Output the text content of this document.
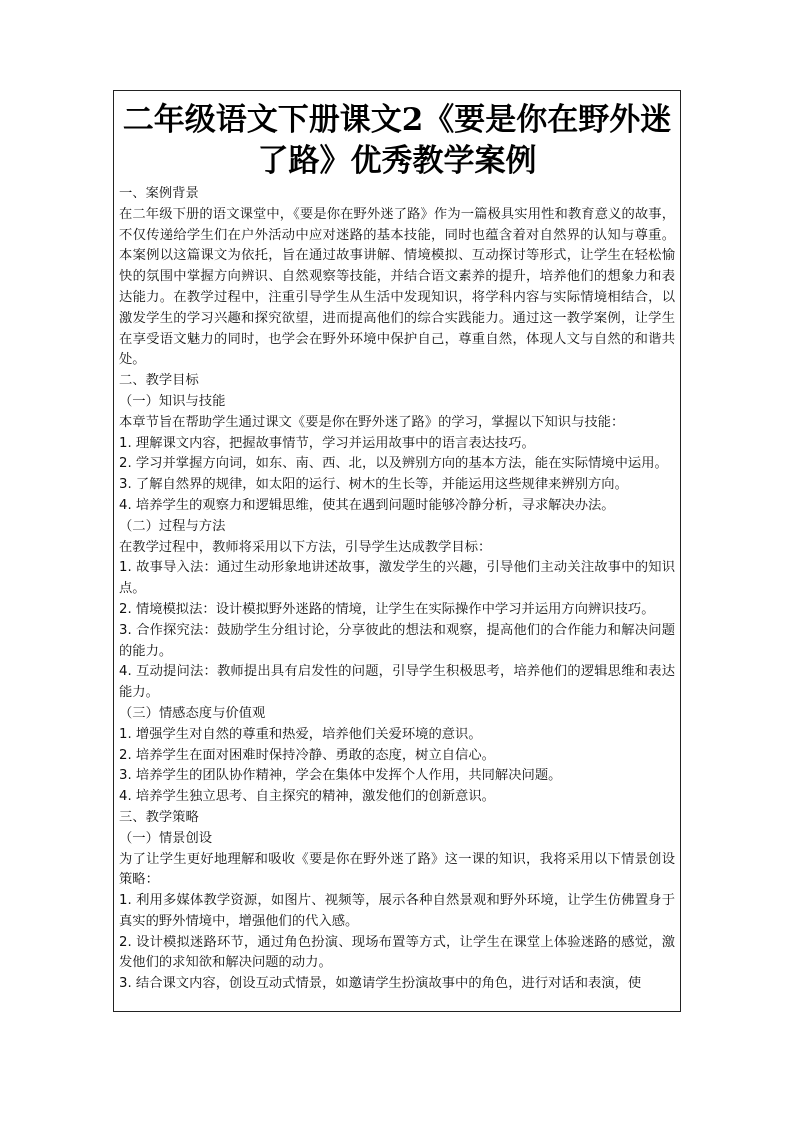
二年级语文下册课文2《要是你在野外迷了路》优秀教学案例

一、案例背景

在二年级下册的语文课堂中，《要是你在野外迷了路》作为一篇极具实用性和教育意义的故事，不仅传递给学生们在户外活动中应对迷路的基本技能，同时也蕴含着对自然界的认知与尊重。本案例以这篇课文为依托，旨在通过故事讲解、情境模拟、互动探讨等形式，让学生在轻松愉快的氛围中掌握方向辨识、自然观察等技能，并结合语文素养的提升，培养他们的想象力和表达能力。在教学过程中，注重引导学生从生活中发现知识，将学科内容与实际情境相结合，以激发学生的学习兴趣和探究欲望，进而提高他们的综合实践能力。通过这一教学案例，让学生在享受语文魅力的同时，也学会在野外环境中保护自己，尊重自然，体现人文与自然的和谐共处。

二、教学目标

（一）知识与技能

本章节旨在帮助学生通过课文《要是你在野外迷了路》的学习，掌握以下知识与技能：

1. 理解课文内容，把握故事情节，学习并运用故事中的语言表达技巧。

2. 学习并掌握方向词，如东、南、西、北，以及辨别方向的基本方法，能在实际情境中运用。

3. 了解自然界的规律，如太阳的运行、树木的生长等，并能运用这些规律来辨别方向。

4. 培养学生的观察力和逻辑思维，使其在遇到问题时能够冷静分析，寻求解决办法。

（二）过程与方法

在教学过程中，教师将采用以下方法，引导学生达成教学目标：

1. 故事导入法：通过生动形象地讲述故事，激发学生的兴趣，引导他们主动关注故事中的知识点。

2. 情境模拟法：设计模拟野外迷路的情境，让学生在实际操作中学习并运用方向辨识技巧。

3. 合作探究法：鼓励学生分组讨论，分享彼此的想法和观察，提高他们的合作能力和解决问题的能力。

4. 互动提问法：教师提出具有启发性的问题，引导学生积极思考，培养他们的逻辑思维和表达能力。

（三）情感态度与价值观

1. 增强学生对自然的尊重和热爱，培养他们关爱环境的意识。

2. 培养学生在面对困难时保持冷静、勇敢的态度，树立自信心。

3. 培养学生的团队协作精神，学会在集体中发挥个人作用，共同解决问题。

4. 培养学生独立思考、自主探究的精神，激发他们的创新意识。

三、教学策略

（一）情景创设

为了让学生更好地理解和吸收《要是你在野外迷了路》这一课的知识，我将采用以下情景创设策略：

1. 利用多媒体教学资源，如图片、视频等，展示各种自然景观和野外环境，让学生仿佛置身于真实的野外情境中，增强他们的代入感。

2. 设计模拟迷路环节，通过角色扮演、现场布置等方式，让学生在课堂上体验迷路的感觉，激发他们的求知欲和解决问题的动力。

3. 结合课文内容，创设互动式情景，如邀请学生扮演故事中的角色，进行对话和表演，使
